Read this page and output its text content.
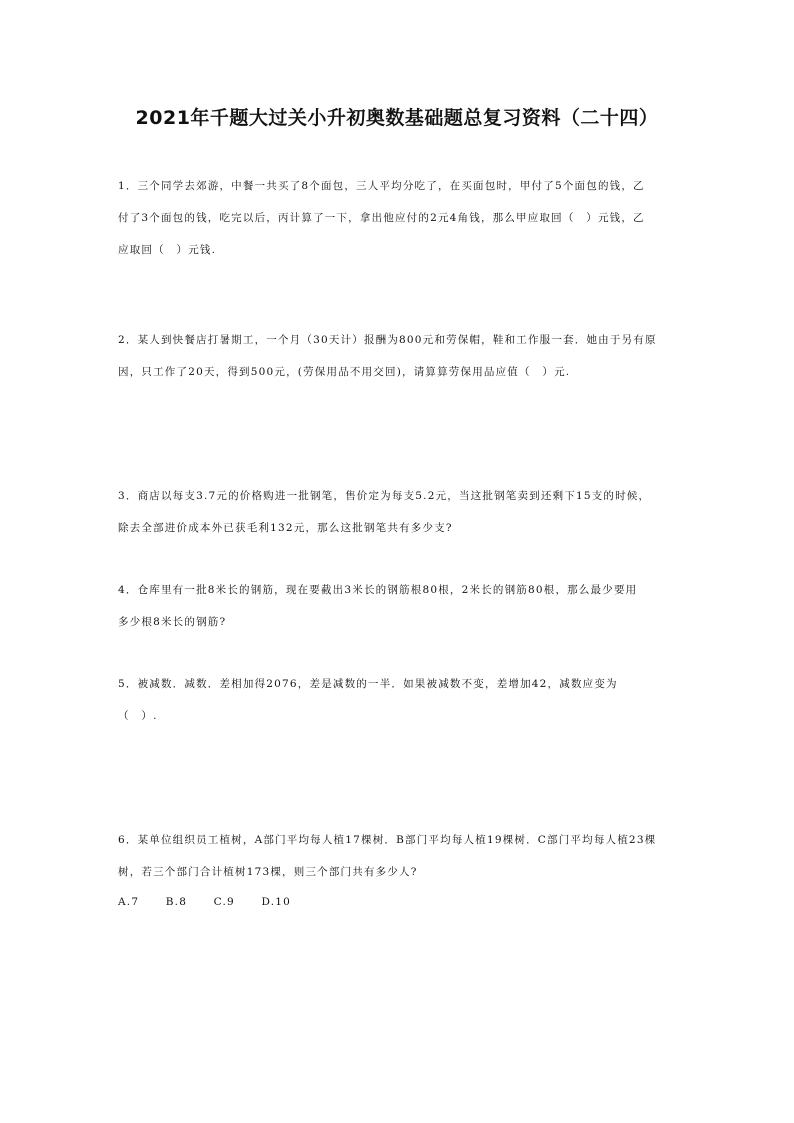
2021年千题大过关小升初奥数基础题总复习资料（二十四）
1．三个同学去郊游，中餐一共买了8个面包，三人平均分吃了，在买面包时，甲付了5个面包的钱，乙
付了3个面包的钱，吃完以后，丙计算了一下，拿出他应付的2元4角钱，那么甲应取回（　）元钱，乙
应取回（　）元钱.
2．某人到快餐店打暑期工，一个月（30天计）报酬为800元和劳保帽，鞋和工作服一套．她由于另有原
因，只工作了20天，得到500元，(劳保用品不用交回)，请算算劳保用品应值（　）元.
3．商店以每支3.7元的价格购进一批钢笔，售价定为每支5.2元，当这批钢笔卖到还剩下15支的时候，
除去全部进价成本外已获毛利132元，那么这批钢笔共有多少支?
4．仓库里有一批8米长的钢筋，现在要截出3米长的钢筋根80根，2米长的钢筋80根，那么最少要用
多少根8米长的钢筋?
5．被减数．减数．差相加得2076，差是减数的一半．如果被减数不变，差增加42，减数应变为
（　）.
6．某单位组织员工植树，A部门平均每人植17棵树．B部门平均每人植19棵树．C部门平均每人植23棵
树，若三个部门合计植树173棵，则三个部门共有多少人?
A.7	B.8	C.9	D.10
